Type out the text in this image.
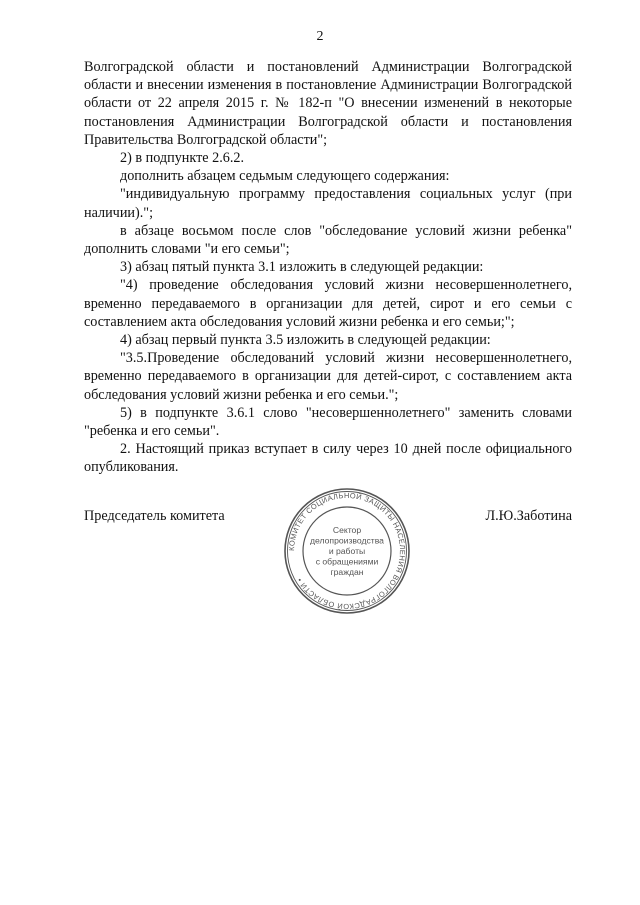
2

Волгоградской области и постановлений Администрации Волгоградской области и внесении изменения в постановление Администрации Волгоградской области от 22 апреля 2015 г. № 182-п "О внесении изменений в некоторые постановления Администрации Волгоградской области и постановления Правительства Волгоградской области";

2) в подпункте 2.6.2.

дополнить абзацем седьмым следующего содержания:

"индивидуальную программу предоставления социальных услуг (при наличии).";

в абзаце восьмом после слов "обследование условий жизни ребенка" дополнить словами "и его семьи";

3) абзац пятый пункта 3.1 изложить в следующей редакции:

"4) проведение обследования условий жизни несовершеннолетнего, временно передаваемого в организации для детей, сирот и его семьи с составлением акта обследования условий жизни ребенка и его семьи;";

4) абзац первый пункта 3.5 изложить в следующей редакции:

"3.5.Проведение обследований условий жизни несовершеннолетнего, временно передаваемого в организации для детей-сирот, с составлением акта обследования условий жизни ребенка и его семьи.";

5) в подпункте 3.6.1 слово "несовершеннолетнего" заменить словами "ребенка и его семьи".

2. Настоящий приказ вступает в силу через 10 дней после официального опубликования.

Председатель комитета	Л.Ю.Заботина
КОМИТЕТ СОЦИАЛЬНОЙ ЗАЩИТЫ НАСЕЛЕНИЯ ВОЛГОГРАДСКОЙ ОБЛАСТИ •
Сектор
делопроизводства
и работы
с обращениями
граждан
